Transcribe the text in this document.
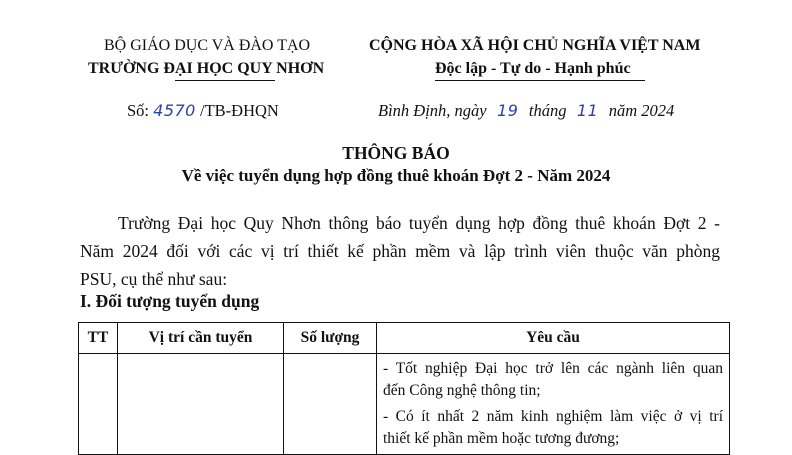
BỘ GIÁO DỤC VÀ ĐÀO TẠO
TRƯỜNG ĐẠI HỌC QUY NHƠN
CỘNG HÒA XÃ HỘI CHỦ NGHĨA VIỆT NAM
Độc lập - Tự do - Hạnh phúc
Số: 4570 /TB-ĐHQN	Bình Định, ngày 19 tháng 11 năm 2024
THÔNG BÁO
Về việc tuyển dụng hợp đồng thuê khoán Đợt 2 - Năm 2024
Trường Đại học Quy Nhơn thông báo tuyển dụng hợp đồng thuê khoán Đợt 2 -
Năm 2024 đối với các vị trí thiết kế phần mềm và lập trình viên thuộc văn phòng
PSU, cụ thể như sau:
I. Đối tượng tuyển dụng
TT	Vị trí cần tuyển	Số lượng	Yêu cầu

			- Tốt nghiệp Đại học trở lên các ngành liên quan
đến Công nghệ thông tin;
- Có ít nhất 2 năm kinh nghiệm làm việc ở vị trí
thiết kế phần mềm hoặc tương đương;
